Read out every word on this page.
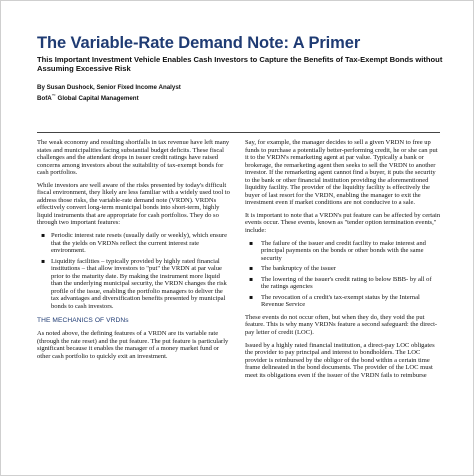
The Variable-Rate Demand Note: A Primer
This Important Investment Vehicle Enables Cash Investors to Capture the Benefits of Tax-Exempt Bonds without Assuming Excessive Risk
By Susan Dushock, Senior Fixed Income Analyst
BofA™ Global Capital Management

The weak economy and resulting shortfalls in tax revenue have left many states and municipalities facing substantial budget deficits. These fiscal challenges and the attendant drops in issuer credit ratings have raised concerns among investors about the suitability of tax-exempt bonds for cash portfolios.

While investors are well aware of the risks presented by today's difficult fiscal environment, they likely are less familiar with a widely used tool to address those risks, the variable-rate demand note (VRDN). VRDNs effectively convert long-term municipal bonds into short-term, highly liquid instruments that are appropriate for cash portfolios. They do so through two important features:

▪ Periodic interest rate resets (usually daily or weekly), which ensure that the yields on VRDNs reflect the current interest rate environment.
▪ Liquidity facilities – typically provided by highly rated financial institutions – that allow investors to "put" the VRDN at par value prior to the maturity date. By making the instrument more liquid than the underlying municipal security, the VRDN changes the risk profile of the issue, enabling the portfolio managers to deliver the tax advantages and diversification benefits presented by municipal bonds to cash investors.
THE MECHANICS OF VRDNs

As noted above, the defining features of a VRDN are its variable rate (through the rate reset) and the put feature. The put feature is particularly significant because it enables the manager of a money market fund or other cash portfolio to quickly exit an investment.

Say, for example, the manager decides to sell a given VRDN to free up funds to purchase a potentially better-performing credit, he or she can put it to the VRDN's remarketing agent at par value. Typically a bank or brokerage, the remarketing agent then seeks to sell the VRDN to another investor. If the remarketing agent cannot find a buyer, it puts the security to the bank or other financial institution providing the aforementioned liquidity facility. The provider of the liquidity facility is effectively the buyer of last resort for the VRDN, enabling the manager to exit the investment even if market conditions are not conducive to a sale.

It is important to note that a VRDN's put feature can be affected by certain events occur. These events, known as "tender option termination events," include:

▪ The failure of the issuer and credit facility to make interest and principal payments on the bonds or other bonds with the same security
▪ The bankruptcy of the issuer
▪ The lowering of the issuer's credit rating to below BBB- by all of the ratings agencies
▪ The revocation of a credit's tax-exempt status by the Internal Revenue Service

These events do not occur often, but when they do, they void the put feature. This is why many VRDNs feature a second safeguard: the direct-pay letter of credit (LOC).

Issued by a highly rated financial institution, a direct-pay LOC obligates the provider to pay principal and interest to bondholders. The LOC provider is reimbursed by the obligor of the bond within a certain time frame delineated in the bond documents. The provider of the LOC must meet its obligations even if the issuer of the VRDN fails to reimburse
